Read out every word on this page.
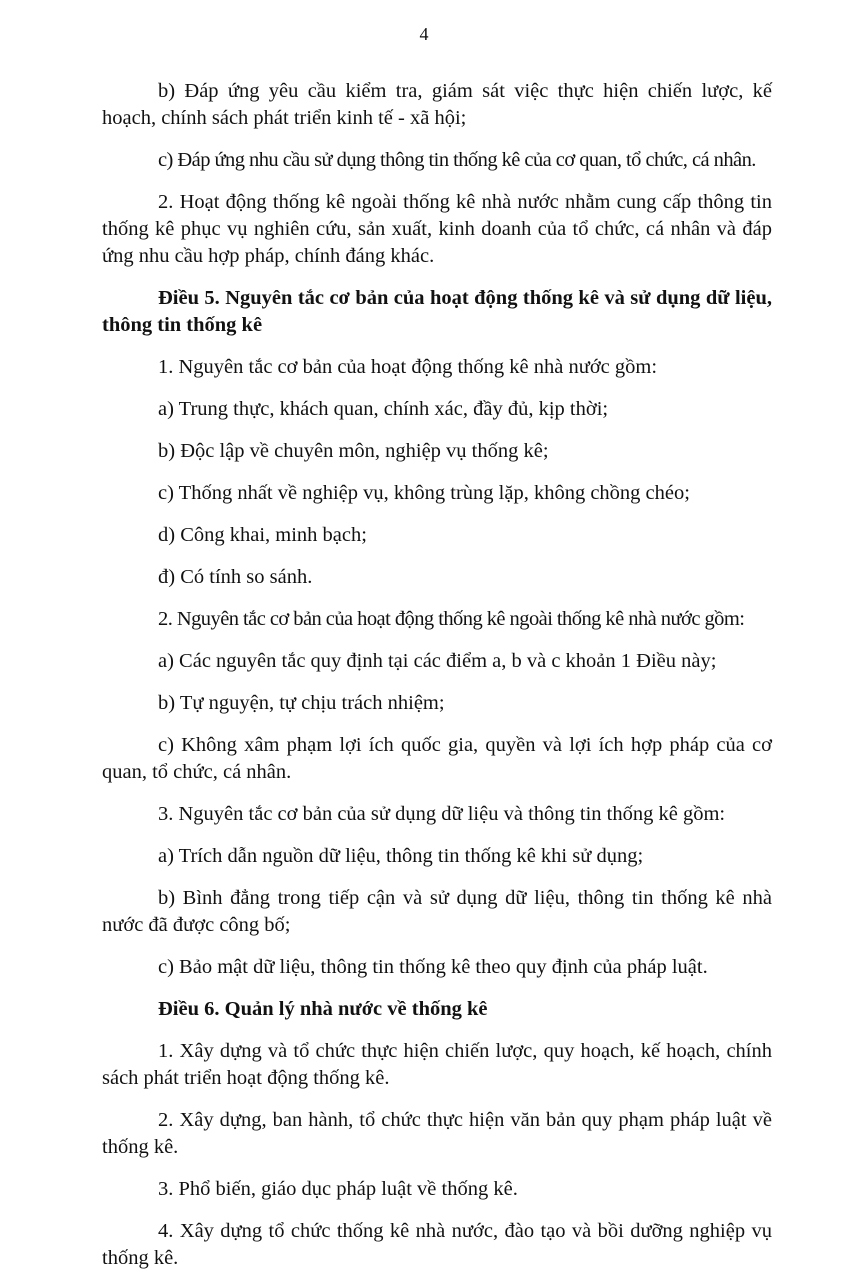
4

b) Đáp ứng yêu cầu kiểm tra, giám sát việc thực hiện chiến lược, kế hoạch, chính sách phát triển kinh tế - xã hội;

c) Đáp ứng nhu cầu sử dụng thông tin thống kê của cơ quan, tổ chức, cá nhân.

2. Hoạt động thống kê ngoài thống kê nhà nước nhằm cung cấp thông tin thống kê phục vụ nghiên cứu, sản xuất, kinh doanh của tổ chức, cá nhân và đáp ứng nhu cầu hợp pháp, chính đáng khác.

Điều 5. Nguyên tắc cơ bản của hoạt động thống kê và sử dụng dữ liệu, thông tin thống kê

1. Nguyên tắc cơ bản của hoạt động thống kê nhà nước gồm:

a) Trung thực, khách quan, chính xác, đầy đủ, kịp thời;

b) Độc lập về chuyên môn, nghiệp vụ thống kê;

c) Thống nhất về nghiệp vụ, không trùng lặp, không chồng chéo;

d) Công khai, minh bạch;

đ) Có tính so sánh.

2. Nguyên tắc cơ bản của hoạt động thống kê ngoài thống kê nhà nước gồm:

a) Các nguyên tắc quy định tại các điểm a, b và c khoản 1 Điều này;

b) Tự nguyện, tự chịu trách nhiệm;

c) Không xâm phạm lợi ích quốc gia, quyền và lợi ích hợp pháp của cơ quan, tổ chức, cá nhân.

3. Nguyên tắc cơ bản của sử dụng dữ liệu và thông tin thống kê gồm:

a) Trích dẫn nguồn dữ liệu, thông tin thống kê khi sử dụng;

b) Bình đẳng trong tiếp cận và sử dụng dữ liệu, thông tin thống kê nhà nước đã được công bố;

c) Bảo mật dữ liệu, thông tin thống kê theo quy định của pháp luật.

Điều 6. Quản lý nhà nước về thống kê

1. Xây dựng và tổ chức thực hiện chiến lược, quy hoạch, kế hoạch, chính sách phát triển hoạt động thống kê.

2. Xây dựng, ban hành, tổ chức thực hiện văn bản quy phạm pháp luật về thống kê.

3. Phổ biến, giáo dục pháp luật về thống kê.

4. Xây dựng tổ chức thống kê nhà nước, đào tạo và bồi dưỡng nghiệp vụ thống kê.
